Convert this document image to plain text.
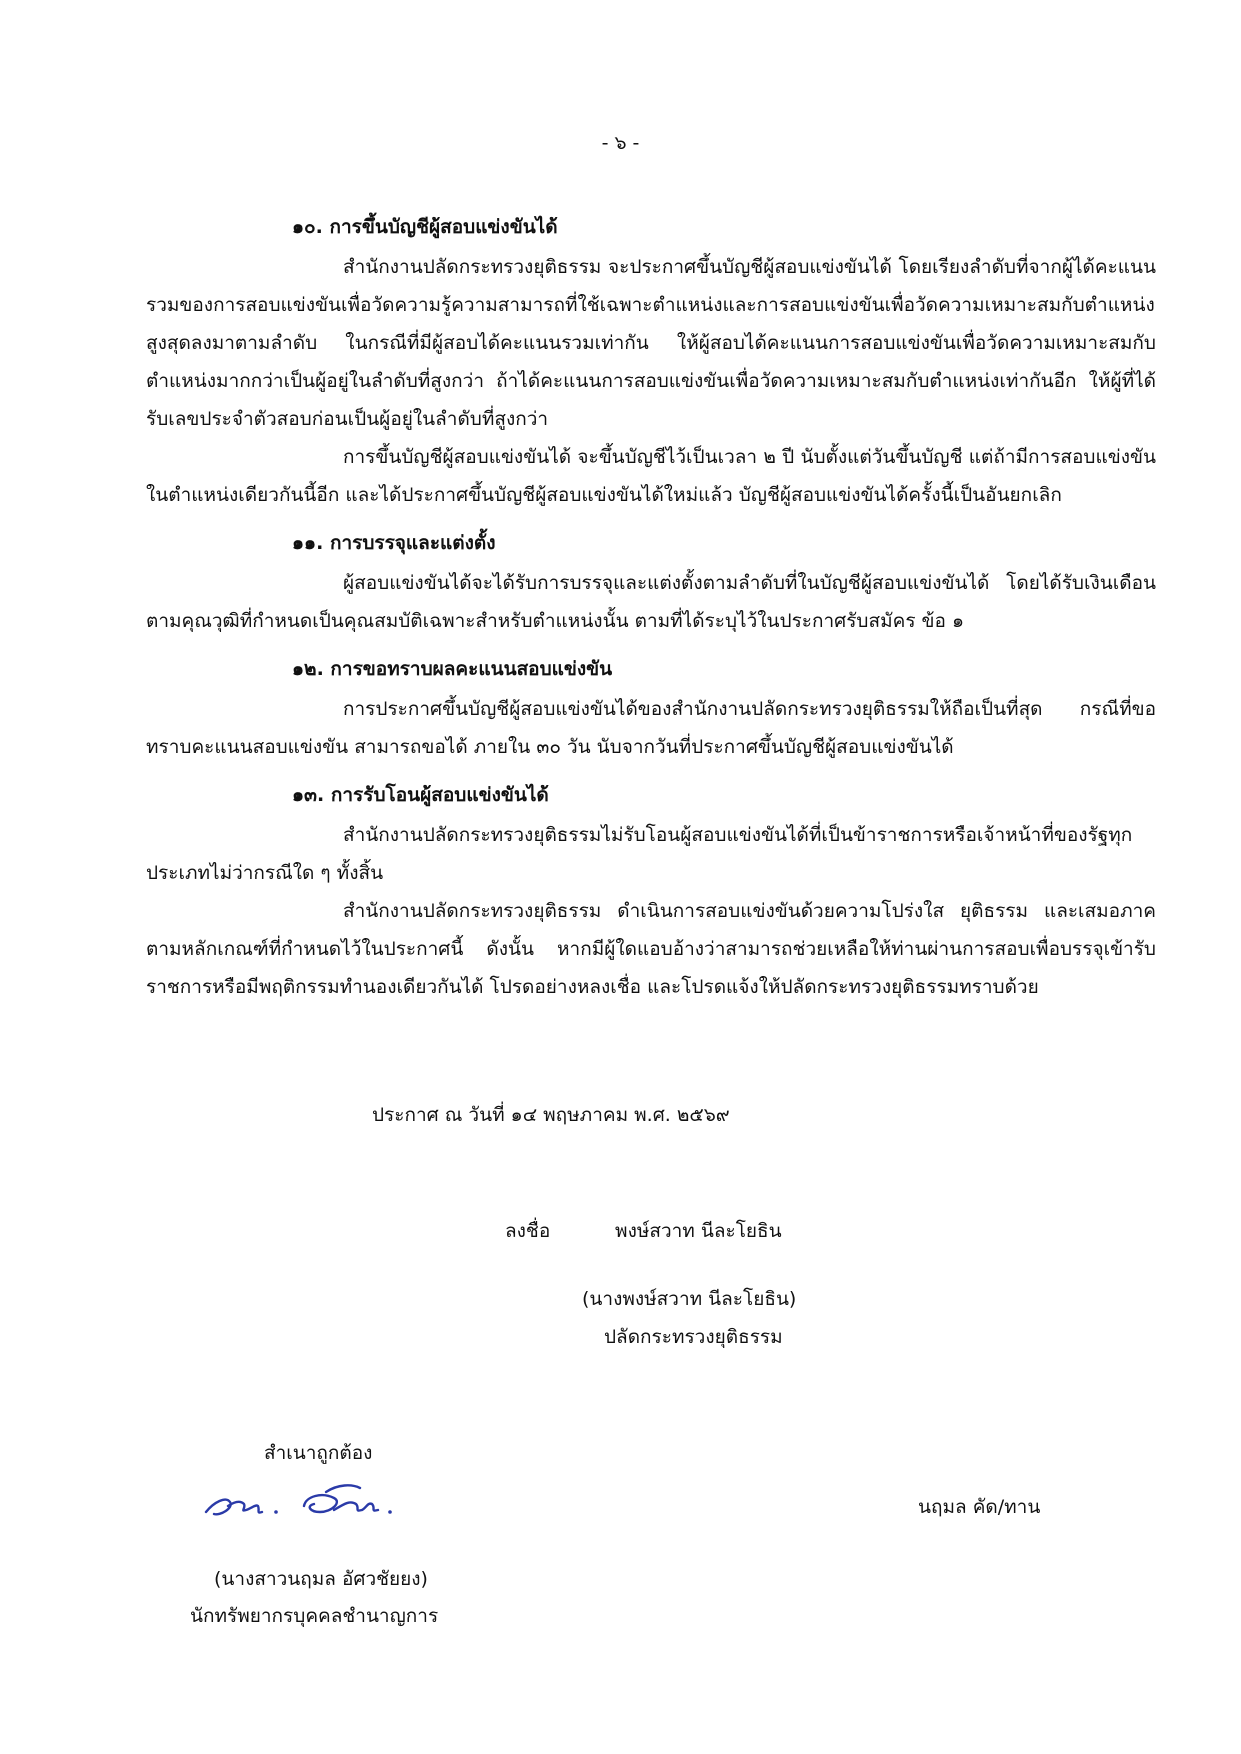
- ๖ -

๑๐. การขึ้นบัญชีผู้สอบแข่งขันได้

สำนักงานปลัดกระทรวงยุติธรรม จะประกาศขึ้นบัญชีผู้สอบแข่งขันได้ โดยเรียงลำดับที่จากผู้ได้คะแนนรวมของการสอบแข่งขันเพื่อวัดความรู้ความสามารถที่ใช้เฉพาะตำแหน่งและการสอบแข่งขันเพื่อวัดความเหมาะสมกับตำแหน่งสูงสุดลงมาตามลำดับ ในกรณีที่มีผู้สอบได้คะแนนรวมเท่ากัน ให้ผู้สอบได้คะแนนการสอบแข่งขันเพื่อวัดความเหมาะสมกับตำแหน่งมากกว่าเป็นผู้อยู่ในลำดับที่สูงกว่า ถ้าได้คะแนนการสอบแข่งขันเพื่อวัดความเหมาะสมกับตำแหน่งเท่ากันอีก ให้ผู้ที่ได้รับเลขประจำตัวสอบก่อนเป็นผู้อยู่ในลำดับที่สูงกว่า

การขึ้นบัญชีผู้สอบแข่งขันได้ จะขึ้นบัญชีไว้เป็นเวลา ๒ ปี นับตั้งแต่วันขึ้นบัญชี แต่ถ้ามีการสอบแข่งขันในตำแหน่งเดียวกันนี้อีก และได้ประกาศขึ้นบัญชีผู้สอบแข่งขันได้ใหม่แล้ว บัญชีผู้สอบแข่งขันได้ครั้งนี้เป็นอันยกเลิก

๑๑. การบรรจุและแต่งตั้ง

ผู้สอบแข่งขันได้จะได้รับการบรรจุและแต่งตั้งตามลำดับที่ในบัญชีผู้สอบแข่งขันได้ โดยได้รับเงินเดือนตามคุณวุฒิที่กำหนดเป็นคุณสมบัติเฉพาะสำหรับตำแหน่งนั้น ตามที่ได้ระบุไว้ในประกาศรับสมัคร ข้อ ๑

๑๒. การขอทราบผลคะแนนสอบแข่งขัน

การประกาศขึ้นบัญชีผู้สอบแข่งขันได้ของสำนักงานปลัดกระทรวงยุติธรรมให้ถือเป็นที่สุด กรณีที่ขอทราบคะแนนสอบแข่งขัน สามารถขอได้ ภายใน ๓๐ วัน นับจากวันที่ประกาศขึ้นบัญชีผู้สอบแข่งขันได้

๑๓. การรับโอนผู้สอบแข่งขันได้

สำนักงานปลัดกระทรวงยุติธรรมไม่รับโอนผู้สอบแข่งขันได้ที่เป็นข้าราชการหรือเจ้าหน้าที่ของรัฐทุกประเภทไม่ว่ากรณีใด ๆ ทั้งสิ้น

สำนักงานปลัดกระทรวงยุติธรรม ดำเนินการสอบแข่งขันด้วยความโปร่งใส ยุติธรรม และเสมอภาคตามหลักเกณฑ์ที่กำหนดไว้ในประกาศนี้ ดังนั้น หากมีผู้ใดแอบอ้างว่าสามารถช่วยเหลือให้ท่านผ่านการสอบเพื่อบรรจุเข้ารับราชการหรือมีพฤติกรรมทำนองเดียวกันได้ โปรดอย่างหลงเชื่อ และโปรดแจ้งให้ปลัดกระทรวงยุติธรรมทราบด้วย

ประกาศ ณ วันที่ ๑๔ พฤษภาคม พ.ศ. ๒๕๖๙
ลงชื่อ	พงษ์สวาท นีละโยธิน
(นางพงษ์สวาท นีละโยธิน)
ปลัดกระทรวงยุติธรรม
สำเนาถูกต้อง
นฤมล คัด/ทาน
(นางสาวนฤมล อัศวชัยยง)
นักทรัพยากรบุคคลชำนาญการ
